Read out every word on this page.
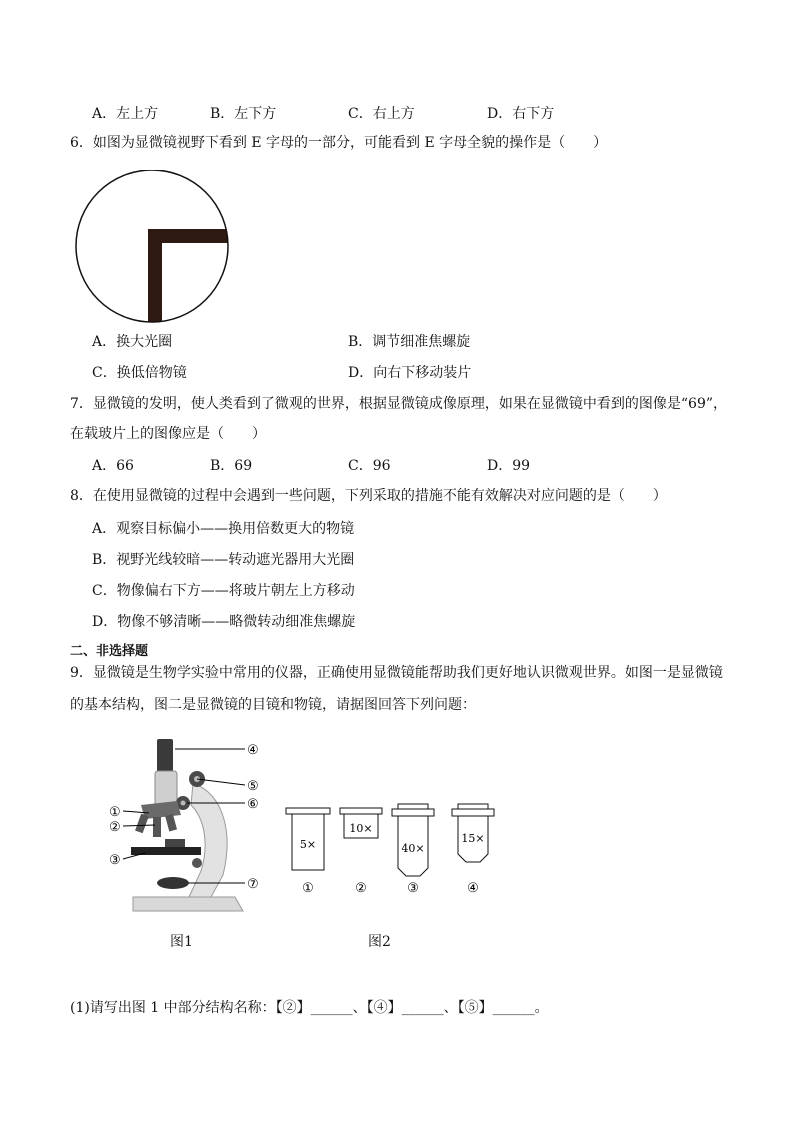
A．左上方	B．左下方	C．右上方	D．右下方
6．如图为显微镜视野下看到 E 字母的一部分，可能看到 E 字母全貌的操作是（　　）
A．换大光圈	B．调节细准焦螺旋
C．换低倍物镜	D．向右下移动装片
7．显微镜的发明，使人类看到了微观的世界，根据显微镜成像原理，如果在显微镜中看到的图像是“69”，
在载玻片上的图像应是（　　）
A．66	B．69	C．96	D．99
8．在使用显微镜的过程中会遇到一些问题，下列采取的措施不能有效解决对应问题的是（　　）
A．观察目标偏小——换用倍数更大的物镜
B．视野光线较暗——转动遮光器用大光圈
C．物像偏右下方——将玻片朝左上方移动
D．物像不够清晰——略微转动细准焦螺旋
二、非选择题
9．显微镜是生物学实验中常用的仪器，正确使用显微镜能帮助我们更好地认识微观世界。如图一是显微镜
的基本结构，图二是显微镜的目镜和物镜，请据图回答下列问题：
④
⑤
⑥
①
②
③
⑦
图1
5×
①
10×
②
40×
③
15×
④
图2
(1)请写出图 1 中部分结构名称：【②】______、【④】______、【⑤】______。
